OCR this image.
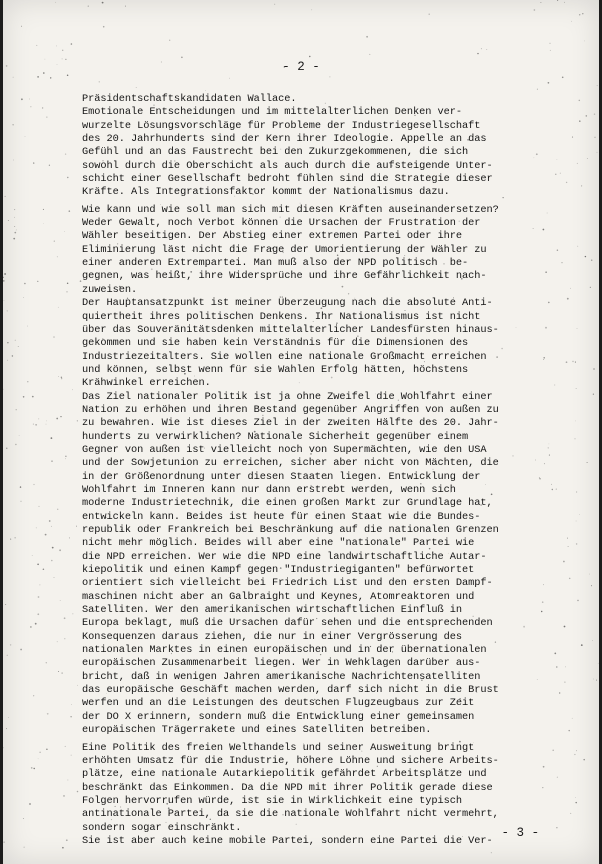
- 2 -
Präsidentschaftskandidaten Wallace.
Emotionale Entscheidungen und im mittelalterlichen Denken ver-
wurzelte Lösungsvorschläge für Probleme der Industriegesellschaft
des 20. Jahrhunderts sind der Kern ihrer Ideologie. Appelle an das
Gefühl und an das Faustrecht bei den Zukurzgekommenen, die sich
sowohl durch die Oberschicht als auch durch die aufsteigende Unter-
schicht einer Gesellschaft bedroht fühlen sind die Strategie dieser
Kräfte. Als Integrationsfaktor kommt der Nationalismus dazu.
Wie kann und wie soll man sich mit diesen Kräften auseinandersetzen?
Weder Gewalt, noch Verbot können die Ursachen der Frustration der
Wähler beseitigen. Der Abstieg einer extremen Partei oder ihre
Eliminierung läst nicht die Frage der Umorientierung der Wähler zu
einer anderen Extrempartei. Man muß also der NPD politisch  be-
gegnen, was heißt, ihre Widersprüche und ihre Gefährlichkeit nach-
zuweisen.
Der Hauptansatzpunkt ist meiner Überzeugung nach die absolute Anti-
quiertheit ihres politischen Denkens. Ihr Nationalismus ist nicht
über das Souveränitätsdenken mittelalterlicher Landesfürsten hinaus-
gekommen und sie haben kein Verständnis für die Dimensionen des
Industriezeitalters. Sie wollen eine nationale Großmacht erreichen
und können, selbst wenn für sie Wahlen Erfolg hätten, höchstens
Krähwinkel erreichen.
Das Ziel nationaler Politik ist ja ohne Zweifel die Wohlfahrt einer
Nation zu erhöhen und ihren Bestand gegenüber Angriffen von außen zu
zu bewahren. Wie ist dieses Ziel in der zweiten Hälfte des 20. Jahr-
hunderts zu verwirklichen? Nationale Sicherheit gegenüber einem
Gegner von außen ist vielleicht noch von Supermächten, wie den USA
und der Sowjetunion zu erreichen, sicher aber nicht von Mächten, die
in der Größenordnung unter diesen Staaten liegen. Entwicklung der
Wohlfahrt im Inneren kann nur dann erstrebt werden, wenn sich
moderne Industrietechnik, die einen großen Markt zur Grundlage hat,
entwickeln kann. Beides ist heute für einen Staat wie die Bundes-
republik oder Frankreich bei Beschränkung auf die nationalen Grenzen
nicht mehr möglich. Beides will aber eine "nationale" Partei wie
die NPD erreichen. Wer wie die NPD eine landwirtschaftliche Autar-
kiepolitik und einen Kampf gegen "Industriegiganten" befürwortet
orientiert sich vielleicht bei Friedrich List und den ersten Dampf-
maschinen nicht aber an Galbraight und Keynes, Atomreaktoren und
Satelliten. Wer den amerikanischen wirtschaftlichen Einfluß in
Europa beklagt, muß die Ursachen dafür sehen und die entsprechenden
Konsequenzen daraus ziehen, die nur in einer Vergrösserung des
nationalen Marktes in einen europäischen und in der übernationalen
europäischen Zusammenarbeit liegen. Wer in Wehklagen darüber aus-
bricht, daß in wenigen Jahren amerikanische Nachrichtensatelliten
das europäische Geschäft machen werden, darf sich nicht in die Brust
werfen und an die Leistungen des deutschen Flugzeugbaus zur Zeit
der DO X erinnern, sondern muß die Entwicklung einer gemeinsamen
europäischen Trägerrakete und eines Satelliten betreiben.
Eine Politik des freien Welthandels und seiner Ausweitung bringt
erhöhten Umsatz für die Industrie, höhere Löhne und sichere Arbeits-
plätze, eine nationale Autarkiepolitik gefährdet Arbeitsplätze und
beschränkt das Einkommen. Da die NPD mit ihrer Politik gerade diese
Folgen hervorrufen würde, ist sie in Wirklichkeit eine typisch
antinationale Partei, da sie die nationale Wohlfahrt nicht vermehrt,
sondern sogar einschränkt.
Sie ist aber auch keine mobile Partei, sondern eine Partei die Ver-
- 3 -
